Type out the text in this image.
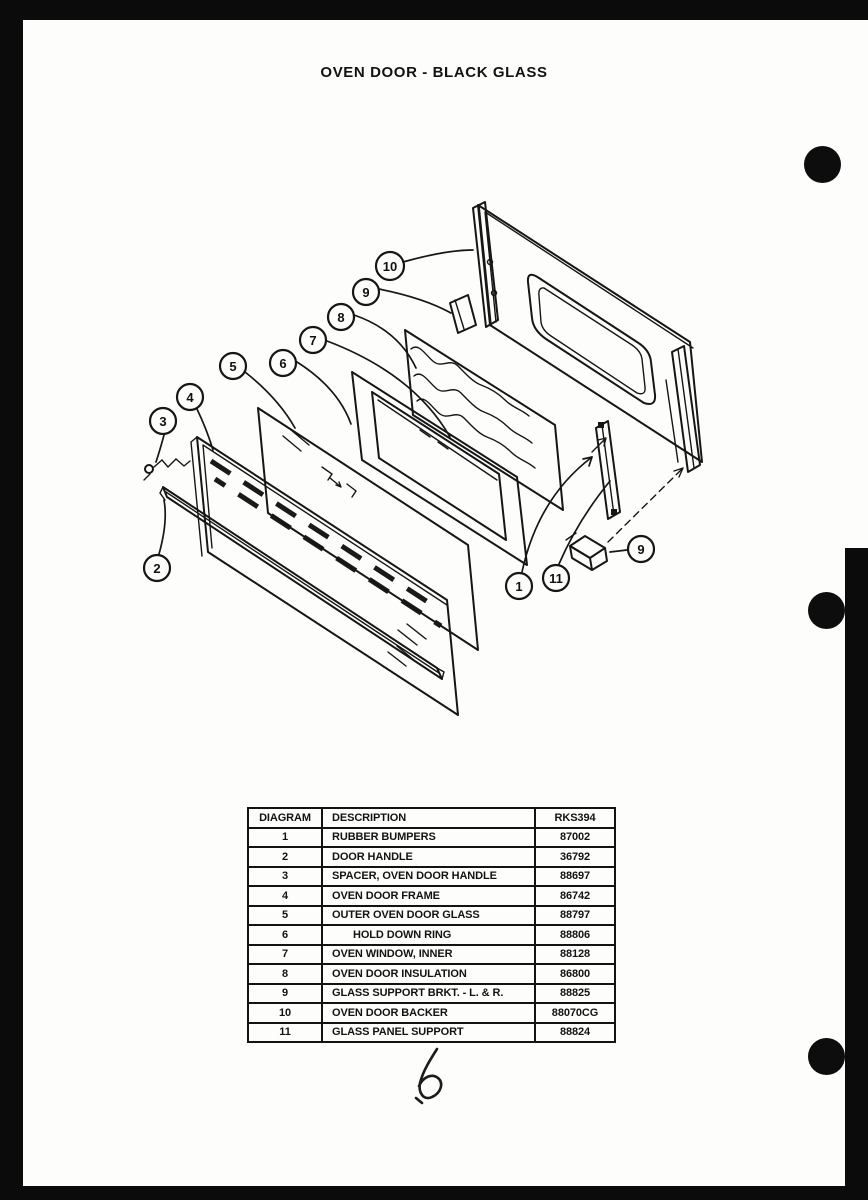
OVEN DOOR - BLACK GLASS
10
9
8
7
6
5
4
3
2
1
11
9
DIAGRAM	DESCRIPTION	RKS394
1	RUBBER BUMPERS	87002
2	DOOR HANDLE	36792
3	SPACER, OVEN DOOR HANDLE	88697
4	OVEN DOOR FRAME	86742
5	OUTER OVEN DOOR GLASS	88797
6	HOLD DOWN RING	88806
7	OVEN WINDOW, INNER	88128
8	OVEN DOOR INSULATION	86800
9	GLASS SUPPORT BRKT. - L. & R.	88825
10	OVEN DOOR BACKER	88070CG
11	GLASS PANEL SUPPORT	88824
